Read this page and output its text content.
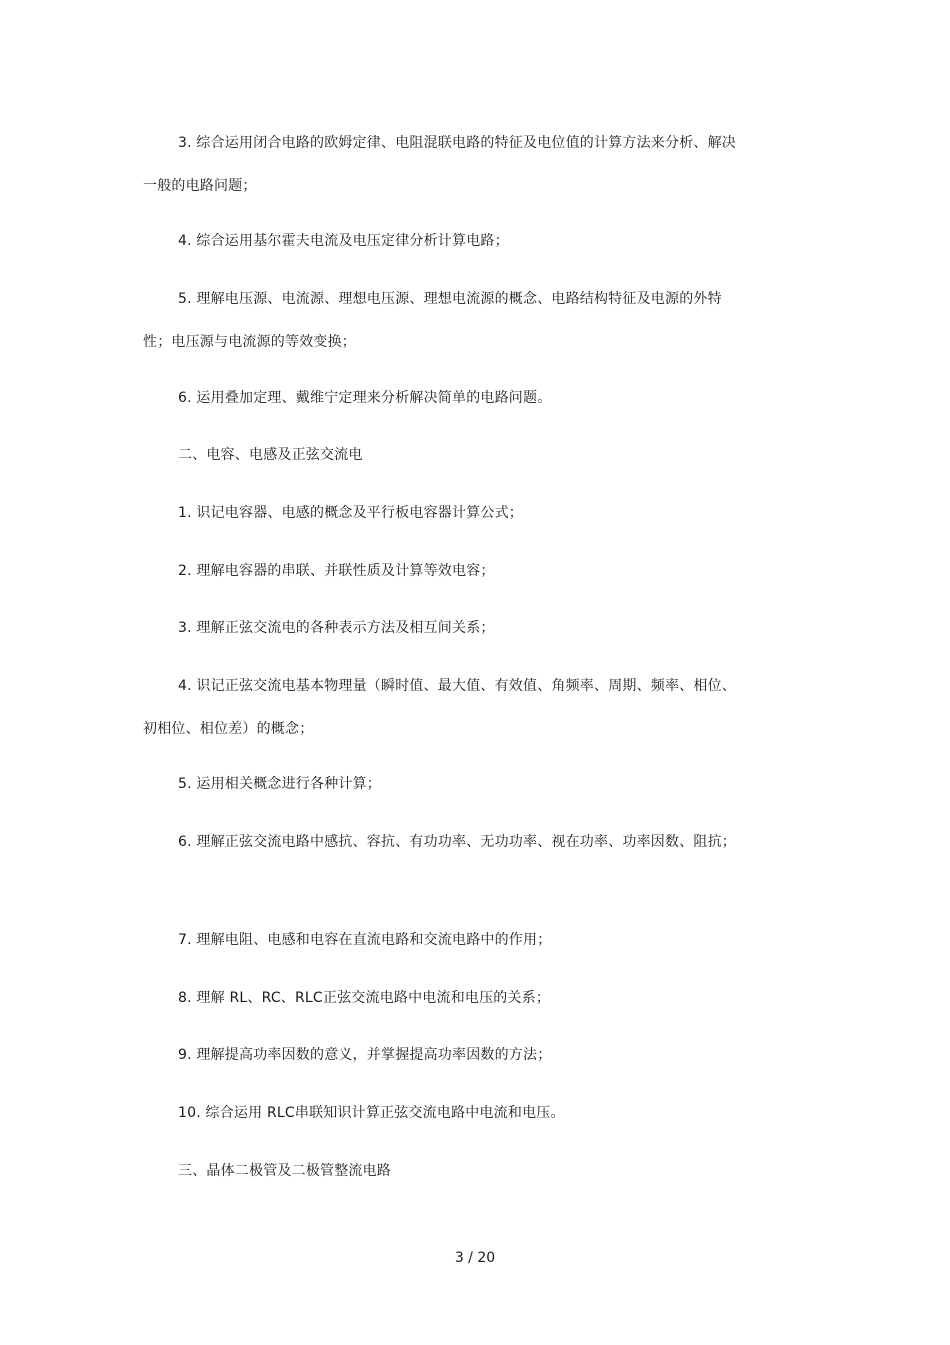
3. 综合运用闭合电路的欧姆定律、电阻混联电路的特征及电位值的计算方法来分析、解决一般的电路问题；

4. 综合运用基尔霍夫电流及电压定律分析计算电路；

5. 理解电压源、电流源、理想电压源、理想电流源的概念、电路结构特征及电源的外特性；电压源与电流源的等效变换；

6. 运用叠加定理、戴维宁定理来分析解决简单的电路问题。

二、电容、电感及正弦交流电

1. 识记电容器、电感的概念及平行板电容器计算公式；

2. 理解电容器的串联、并联性质及计算等效电容；

3. 理解正弦交流电的各种表示方法及相互间关系；

4. 识记正弦交流电基本物理量（瞬时值、最大值、有效值、角频率、周期、频率、相位、初相位、相位差）的概念；

5. 运用相关概念进行各种计算；

6. 理解正弦交流电路中感抗、容抗、有功功率、无功功率、视在功率、功率因数、阻抗；

7. 理解电阻、电感和电容在直流电路和交流电路中的作用；

8. 理解 RL、RC、RLC正弦交流电路中电流和电压的关系；

9. 理解提高功率因数的意义，并掌握提高功率因数的方法；

10. 综合运用 RLC串联知识计算正弦交流电路中电流和电压。

三、晶体二极管及二极管整流电路

3 / 20
